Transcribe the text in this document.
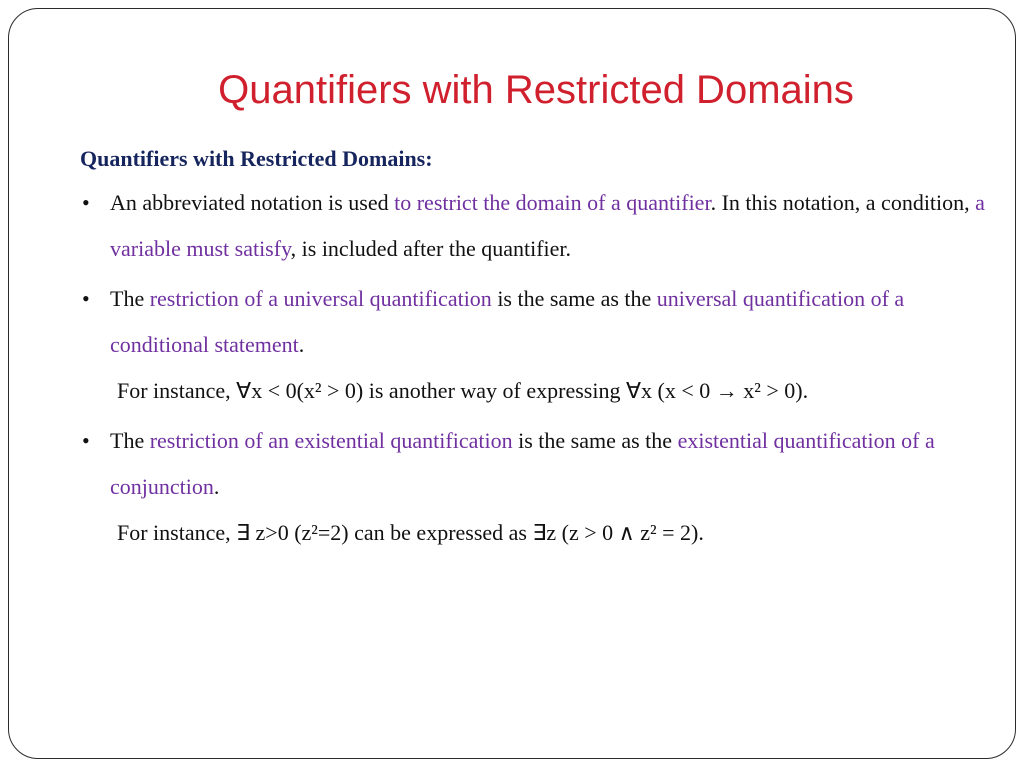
Quantifiers with Restricted Domains
Quantifiers with Restricted Domains:
• An abbreviated notation is used to restrict the domain of a quantifier. In this notation, a condition, a variable must satisfy, is included after the quantifier.
• The restriction of a universal quantification is the same as the universal quantification of a conditional statement.
For instance, ∀x < 0(x² > 0) is another way of expressing ∀x (x < 0 → x² > 0).
• The restriction of an existential quantification is the same as the existential quantification of a conjunction.
For instance, ∃ z>0 (z²=2) can be expressed as ∃z (z > 0 ∧ z² = 2).
